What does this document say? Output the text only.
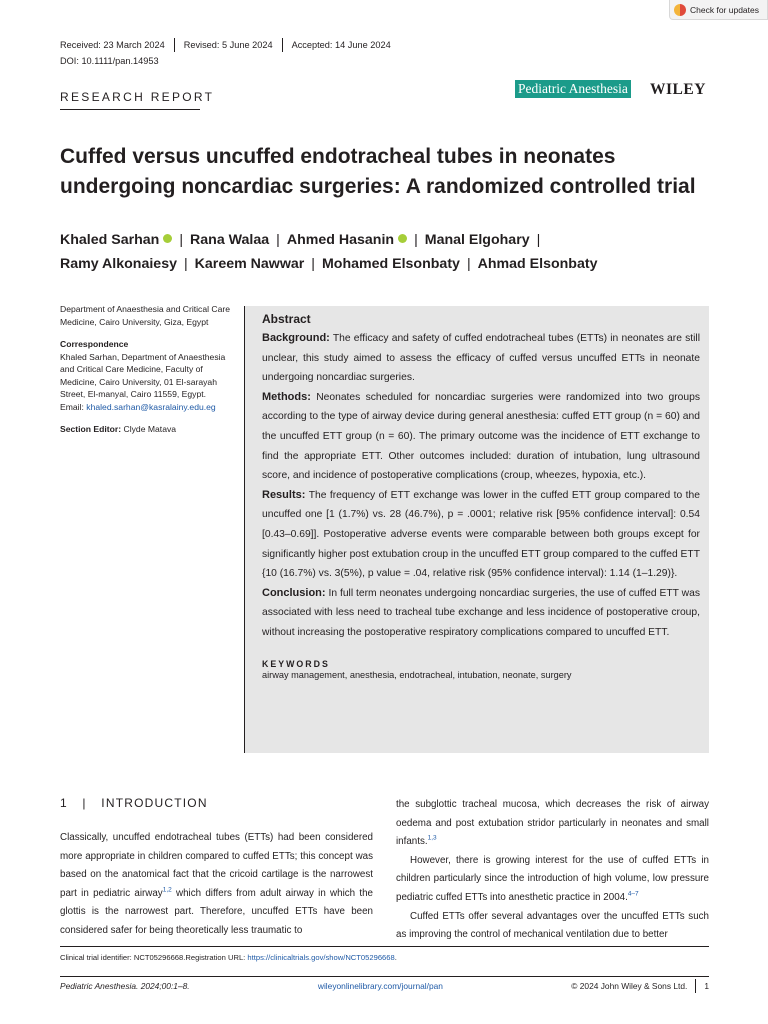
Check for updates
Received: 23 March 2024 Revised: 5 June 2024 Accepted: 14 June 2024
DOI: 10.1111/pan.14953
RESEARCH REPORT
Pediatric Anesthesia WILEY
Cuffed versus uncuffed endotracheal tubes in neonates undergoing noncardiac surgeries: A randomized controlled trial
Khaled Sarhan | Rana Walaa | Ahmed Hasanin | Manal Elgohary |
Ramy Alkonaiesy | Kareem Nawwar | Mohamed Elsonbaty | Ahmad Elsonbaty

Department of Anaesthesia and Critical Care Medicine, Cairo University, Giza, Egypt

Correspondence
Khaled Sarhan, Department of Anaesthesia and Critical Care Medicine, Faculty of Medicine, Cairo University, 01 El-sarayah Street, El-manyal, Cairo 11559, Egypt.
Email: khaled.sarhan@kasralainy.edu.eg

Section Editor: Clyde Matava

Abstract
Background: The efficacy and safety of cuffed endotracheal tubes (ETTs) in neonates are still unclear, this study aimed to assess the efficacy of cuffed versus uncuffed ETTs in neonate undergoing noncardiac surgeries.
Methods: Neonates scheduled for noncardiac surgeries were randomized into two groups according to the type of airway device during general anesthesia: cuffed ETT group (n = 60) and the uncuffed ETT group (n = 60). The primary outcome was the incidence of ETT exchange to find the appropriate ETT. Other outcomes included: duration of intubation, lung ultrasound score, and incidence of postoperative complications (croup, wheezes, hypoxia, etc.).
Results: The frequency of ETT exchange was lower in the cuffed ETT group compared to the uncuffed one [1 (1.7%) vs. 28 (46.7%), p = .0001; relative risk [95% confidence interval]: 0.54 [0.43–0.69]]. Postoperative adverse events were comparable between both groups except for significantly higher post extubation croup in the uncuffed ETT group compared to the cuffed ETT {10 (16.7%) vs. 3(5%), p value = .04, relative risk (95% confidence interval): 1.14 (1–1.29)}.
Conclusion: In full term neonates undergoing noncardiac surgeries, the use of cuffed ETT was associated with less need to tracheal tube exchange and less incidence of postoperative croup, without increasing the postoperative respiratory complications compared to uncuffed ETT.
KEYWORDS
airway management, anesthesia, endotracheal, intubation, neonate, surgery
1 | INTRODUCTION

Classically, uncuffed endotracheal tubes (ETTs) had been considered more appropriate in children compared to cuffed ETTs; this concept was based on the anatomical fact that the cricoid cartilage is the narrowest part in pediatric airway$^{1,2}$ which differs from adult airway in which the glottis is the narrowest part. Therefore, uncuffed ETTs have been considered safer for being theoretically less traumatic to

the subglottic tracheal mucosa, which decreases the risk of airway oedema and post extubation stridor particularly in neonates and small infants.$^{1,3}$

However, there is growing interest for the use of cuffed ETTs in children particularly since the introduction of high volume, low pressure pediatric cuffed ETTs into anesthetic practice in 2004.$^{4-7}$

Cuffed ETTs offer several advantages over the uncuffed ETTs such as improving the control of mechanical ventilation due to better

Clinical trial identifier: NCT05296668.Registration URL: https://clinicaltrials.gov/show/NCT05296668.
Pediatric Anesthesia. 2024;00:1–8.	wileyonlinelibrary.com/journal/pan	© 2024 John Wiley & Sons Ltd. 1
